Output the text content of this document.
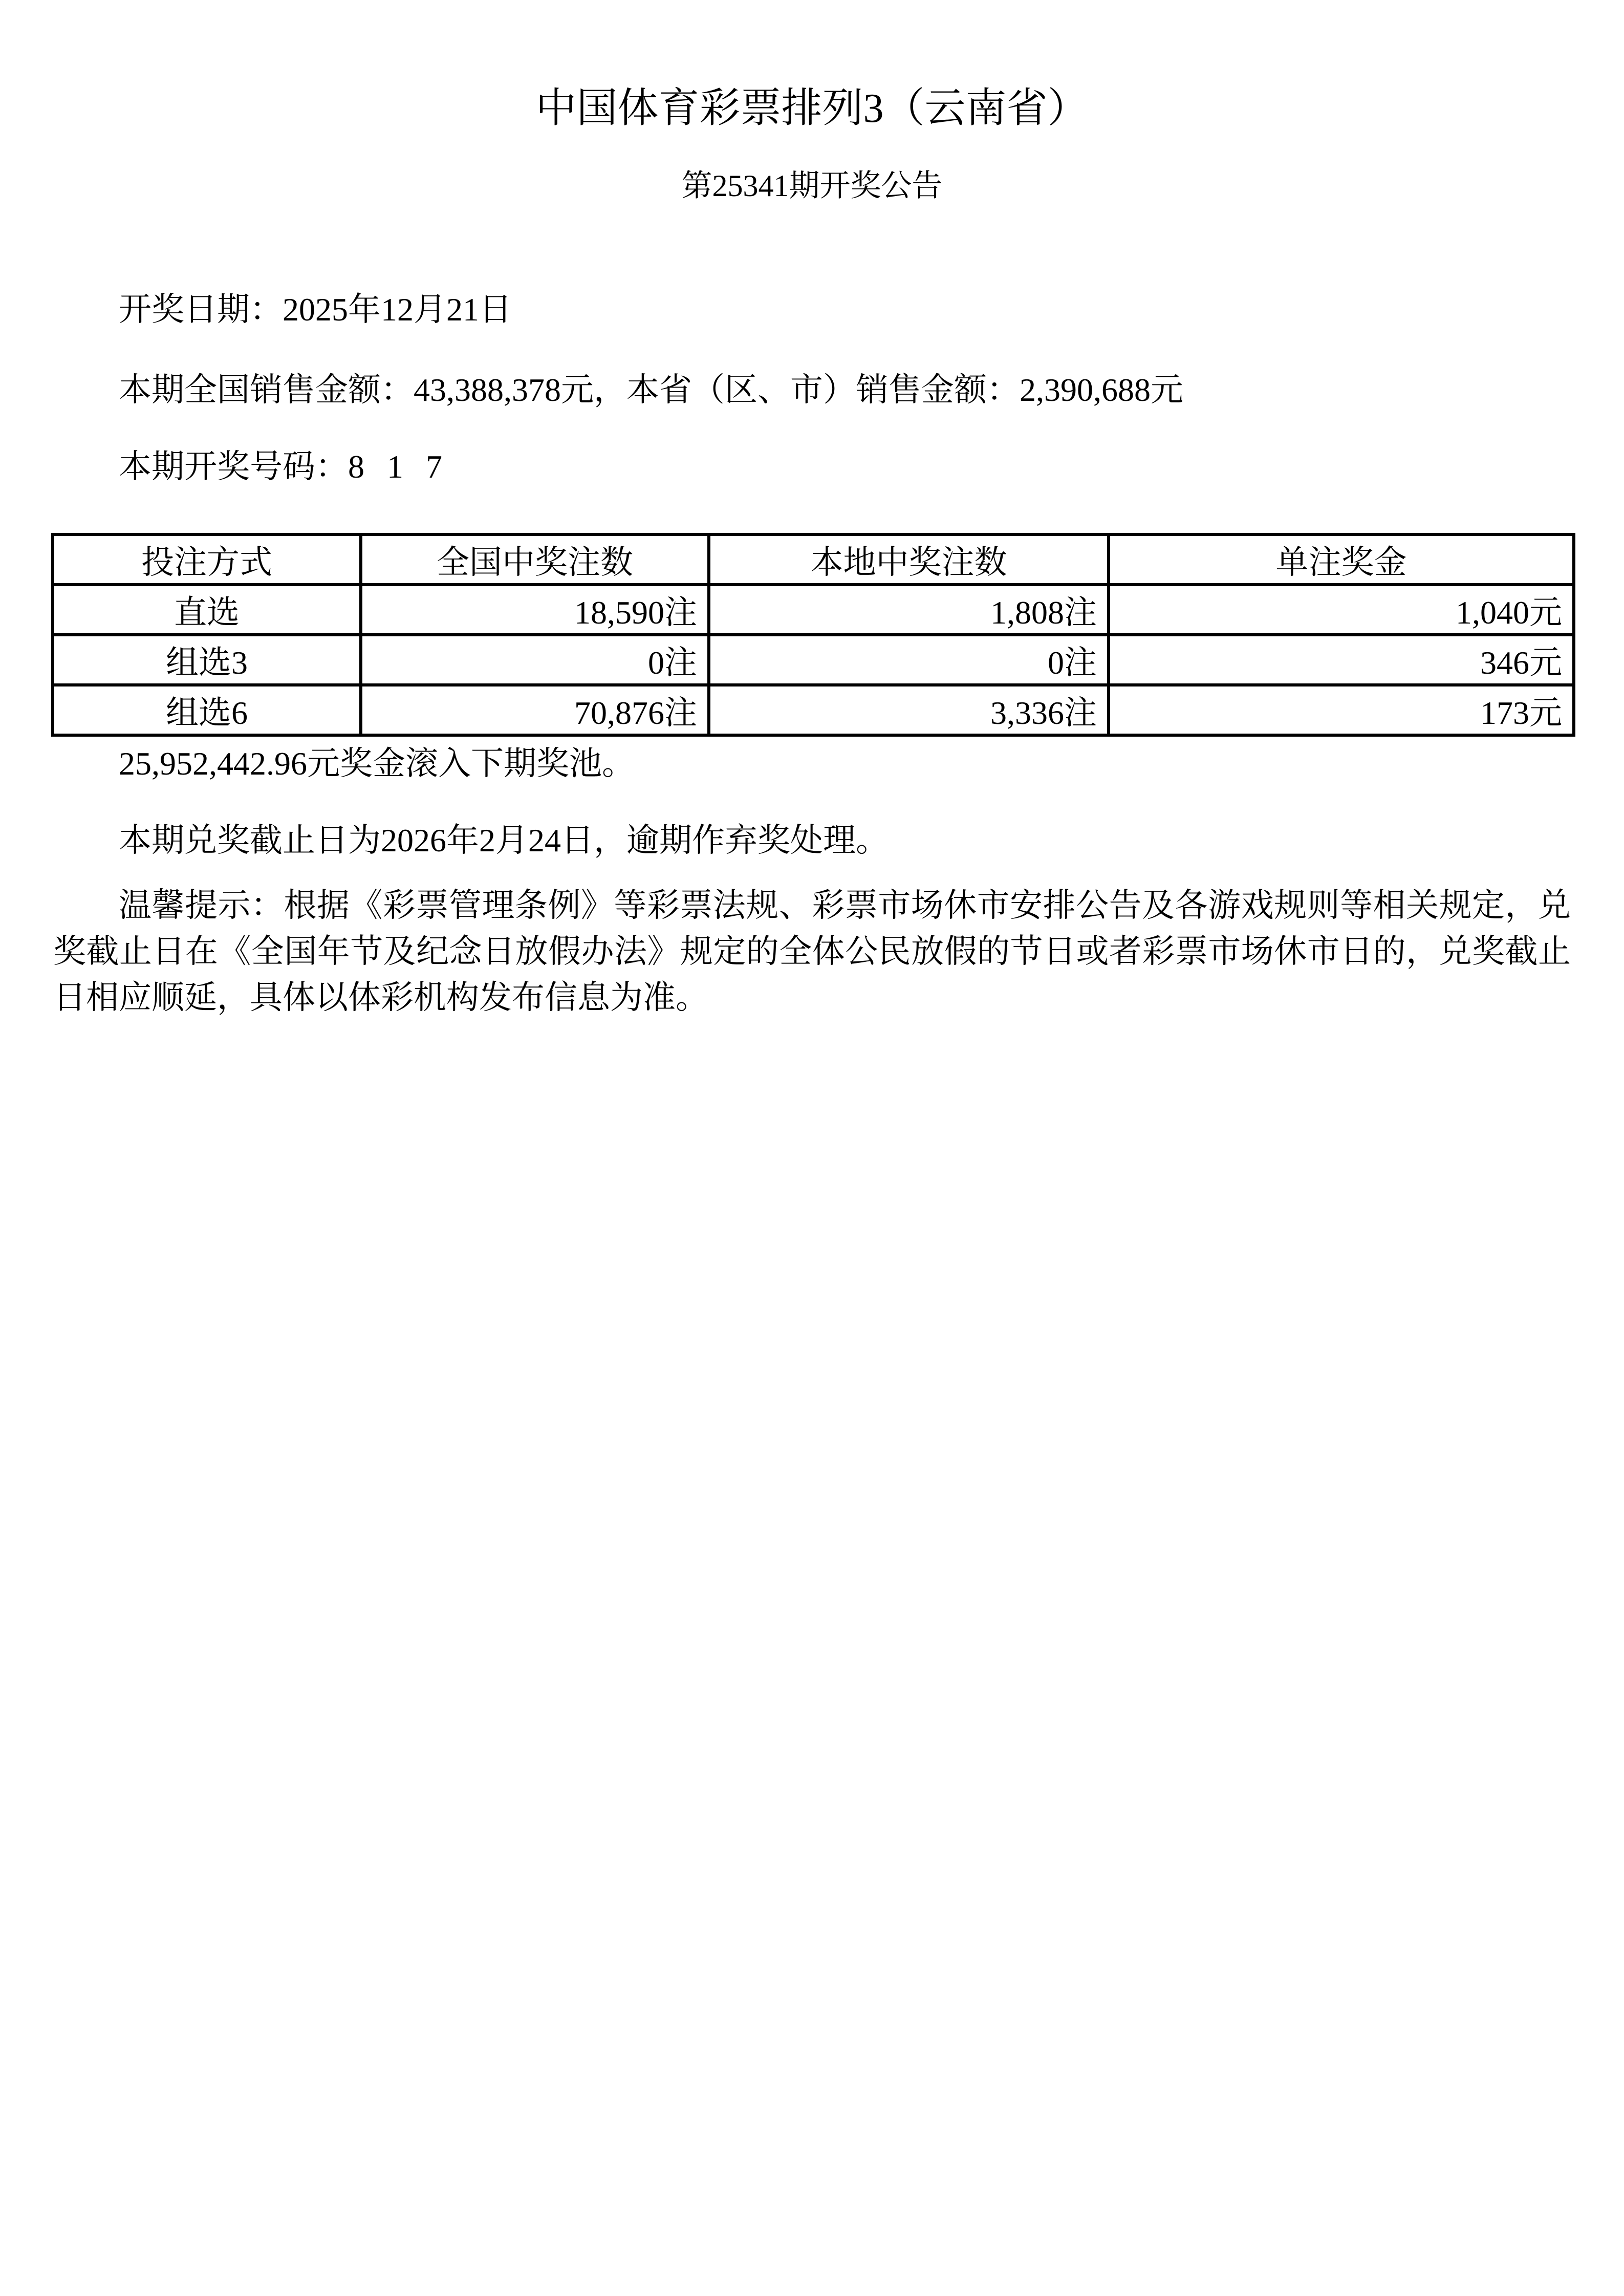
中国体育彩票排列3（云南省）
第25341期开奖公告
开奖日期：2025年12月21日
本期全国销售金额：43,388,378元，本省（区、市）销售金额：2,390,688元
本期开奖号码：8 1 7
投注方式	全国中奖注数	本地中奖注数	单注奖金
直选	18,590注	1,808注	1,040元
组选3	0注	0注	346元
组选6	70,876注	3,336注	173元
25,952,442.96元奖金滚入下期奖池。
本期兑奖截止日为2026年2月24日，逾期作弃奖处理。
温馨提示：根据《彩票管理条例》等彩票法规、彩票市场休市安排公告及各游戏规则等相关规定，兑奖截止日在《全国年节及纪念日放假办法》规定的全体公民放假的节日或者彩票市场休市日的，兑奖截止日相应顺延，具体以体彩机构发布信息为准。
